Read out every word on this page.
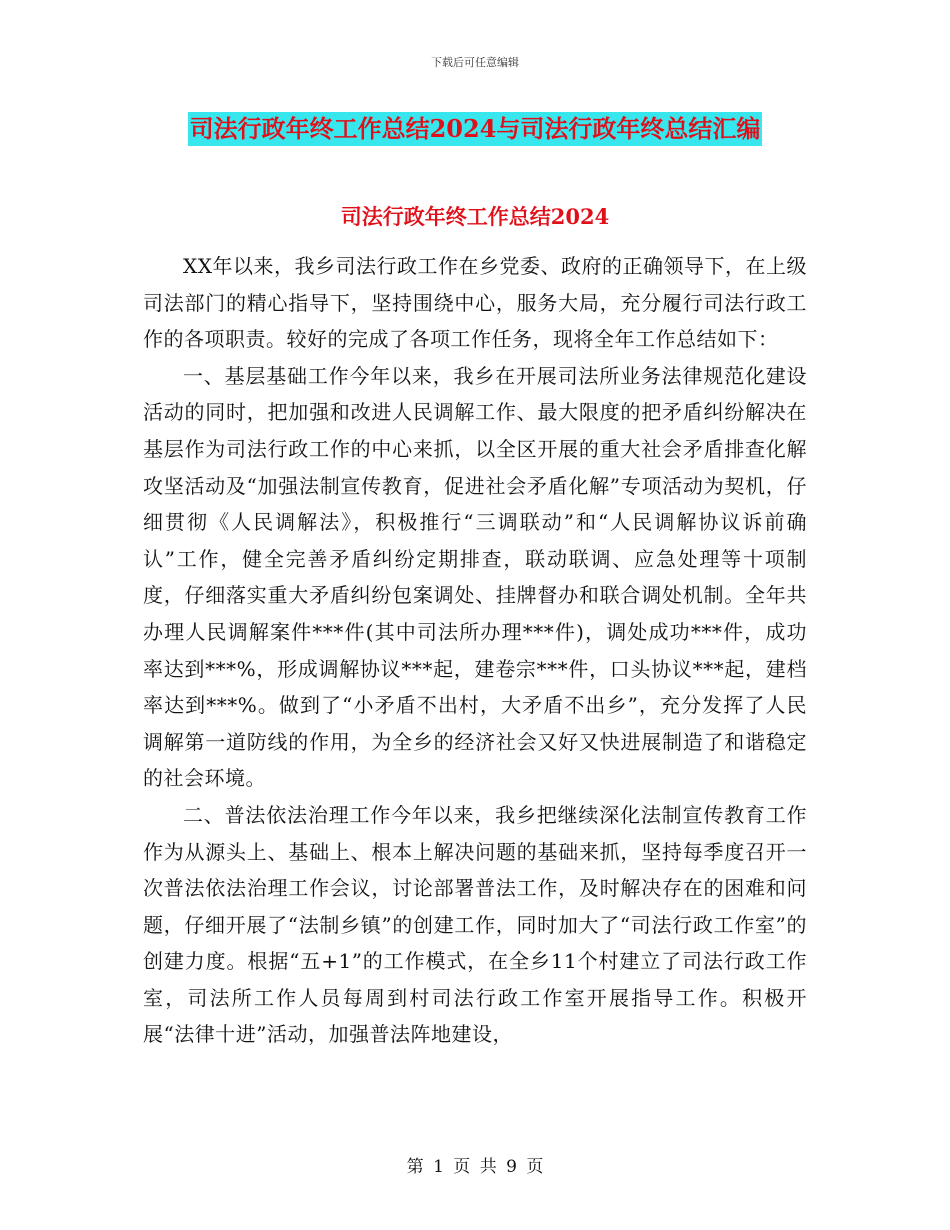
下载后可任意编辑
司法行政年终工作总结2024与司法行政年终总结汇编
司法行政年终工作总结2024

XX年以来，我乡司法行政工作在乡党委、政府的正确领导下，在上级司法部门的精心指导下，坚持围绕中心，服务大局，充分履行司法行政工作的各项职责。较好的完成了各项工作任务，现将全年工作总结如下：

一、基层基础工作今年以来，我乡在开展司法所业务法律规范化建设活动的同时，把加强和改进人民调解工作、最大限度的把矛盾纠纷解决在基层作为司法行政工作的中心来抓，以全区开展的重大社会矛盾排查化解攻坚活动及“加强法制宣传教育，促进社会矛盾化解”专项活动为契机，仔细贯彻《人民调解法》，积极推行“三调联动”和“人民调解协议诉前确认”工作，健全完善矛盾纠纷定期排查，联动联调、应急处理等十项制度，仔细落实重大矛盾纠纷包案调处、挂牌督办和联合调处机制。全年共办理人民调解案件***件(其中司法所办理***件)，调处成功***件，成功率达到***%，形成调解协议***起，建卷宗***件，口头协议***起，建档率达到***%。做到了“小矛盾不出村，大矛盾不出乡”，充分发挥了人民调解第一道防线的作用，为全乡的经济社会又好又快进展制造了和谐稳定的社会环境。

二、普法依法治理工作今年以来，我乡把继续深化法制宣传教育工作作为从源头上、基础上、根本上解决问题的基础来抓，坚持每季度召开一次普法依法治理工作会议，讨论部署普法工作，及时解决存在的困难和问题，仔细开展了“法制乡镇”的创建工作，同时加大了“司法行政工作室”的创建力度。根据“五+1”的工作模式，在全乡11个村建立了司法行政工作室，司法所工作人员每周到村司法行政工作室开展指导工作。积极开展“法律十进”活动，加强普法阵地建设，

第 1 页 共 9 页
